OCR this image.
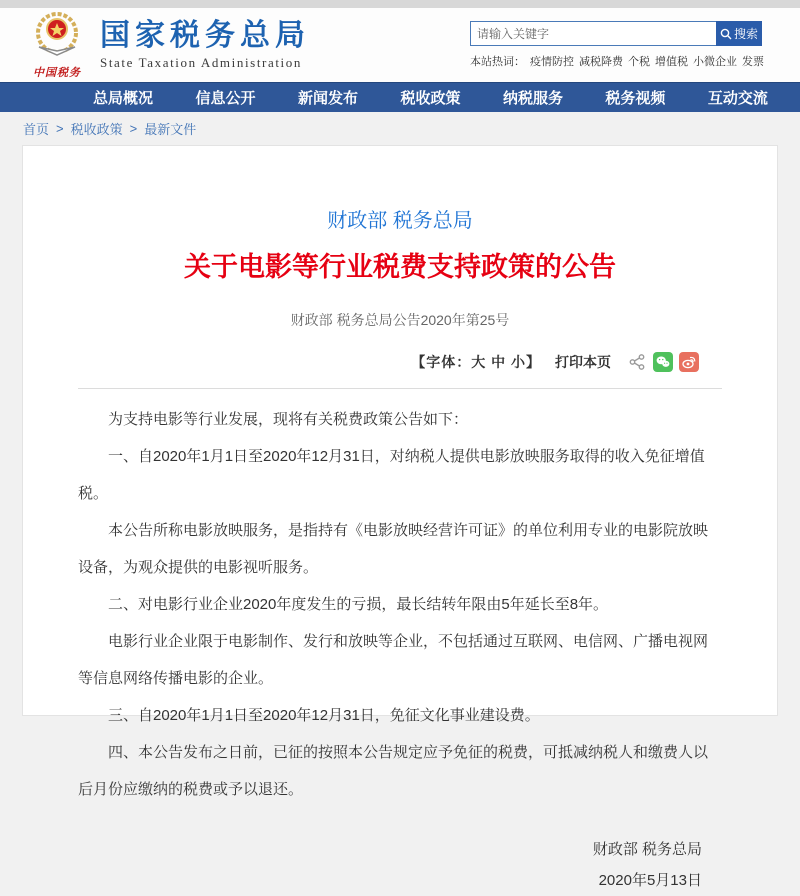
中国税务
国家税务总局
State Taxation Administration
请输入关键字
搜索
本站热词： 疫情防控 减税降费 个税 增值税 小微企业 发票
总局概况	信息公开	新闻发布	税收政策	纳税服务	税务视频	互动交流
首页 > 税收政策 > 最新文件
财政部 税务总局
关于电影等行业税费支持政策的公告
财政部 税务总局公告2020年第25号
【字体：大 中 小】 打印本页

为支持电影等行业发展，现将有关税费政策公告如下：

一、自2020年1月1日至2020年12月31日，对纳税人提供电影放映服务取得的收入免征增值税。

本公告所称电影放映服务，是指持有《电影放映经营许可证》的单位利用专业的电影院放映设备，为观众提供的电影视听服务。

二、对电影行业企业2020年度发生的亏损，最长结转年限由5年延长至8年。

电影行业企业限于电影制作、发行和放映等企业，不包括通过互联网、电信网、广播电视网等信息网络传播电影的企业。

三、自2020年1月1日至2020年12月31日，免征文化事业建设费。

四、本公告发布之日前，已征的按照本公告规定应予免征的税费，可抵减纳税人和缴费人以后月份应缴纳的税费或予以退还。

财政部 税务总局
2020年5月13日
